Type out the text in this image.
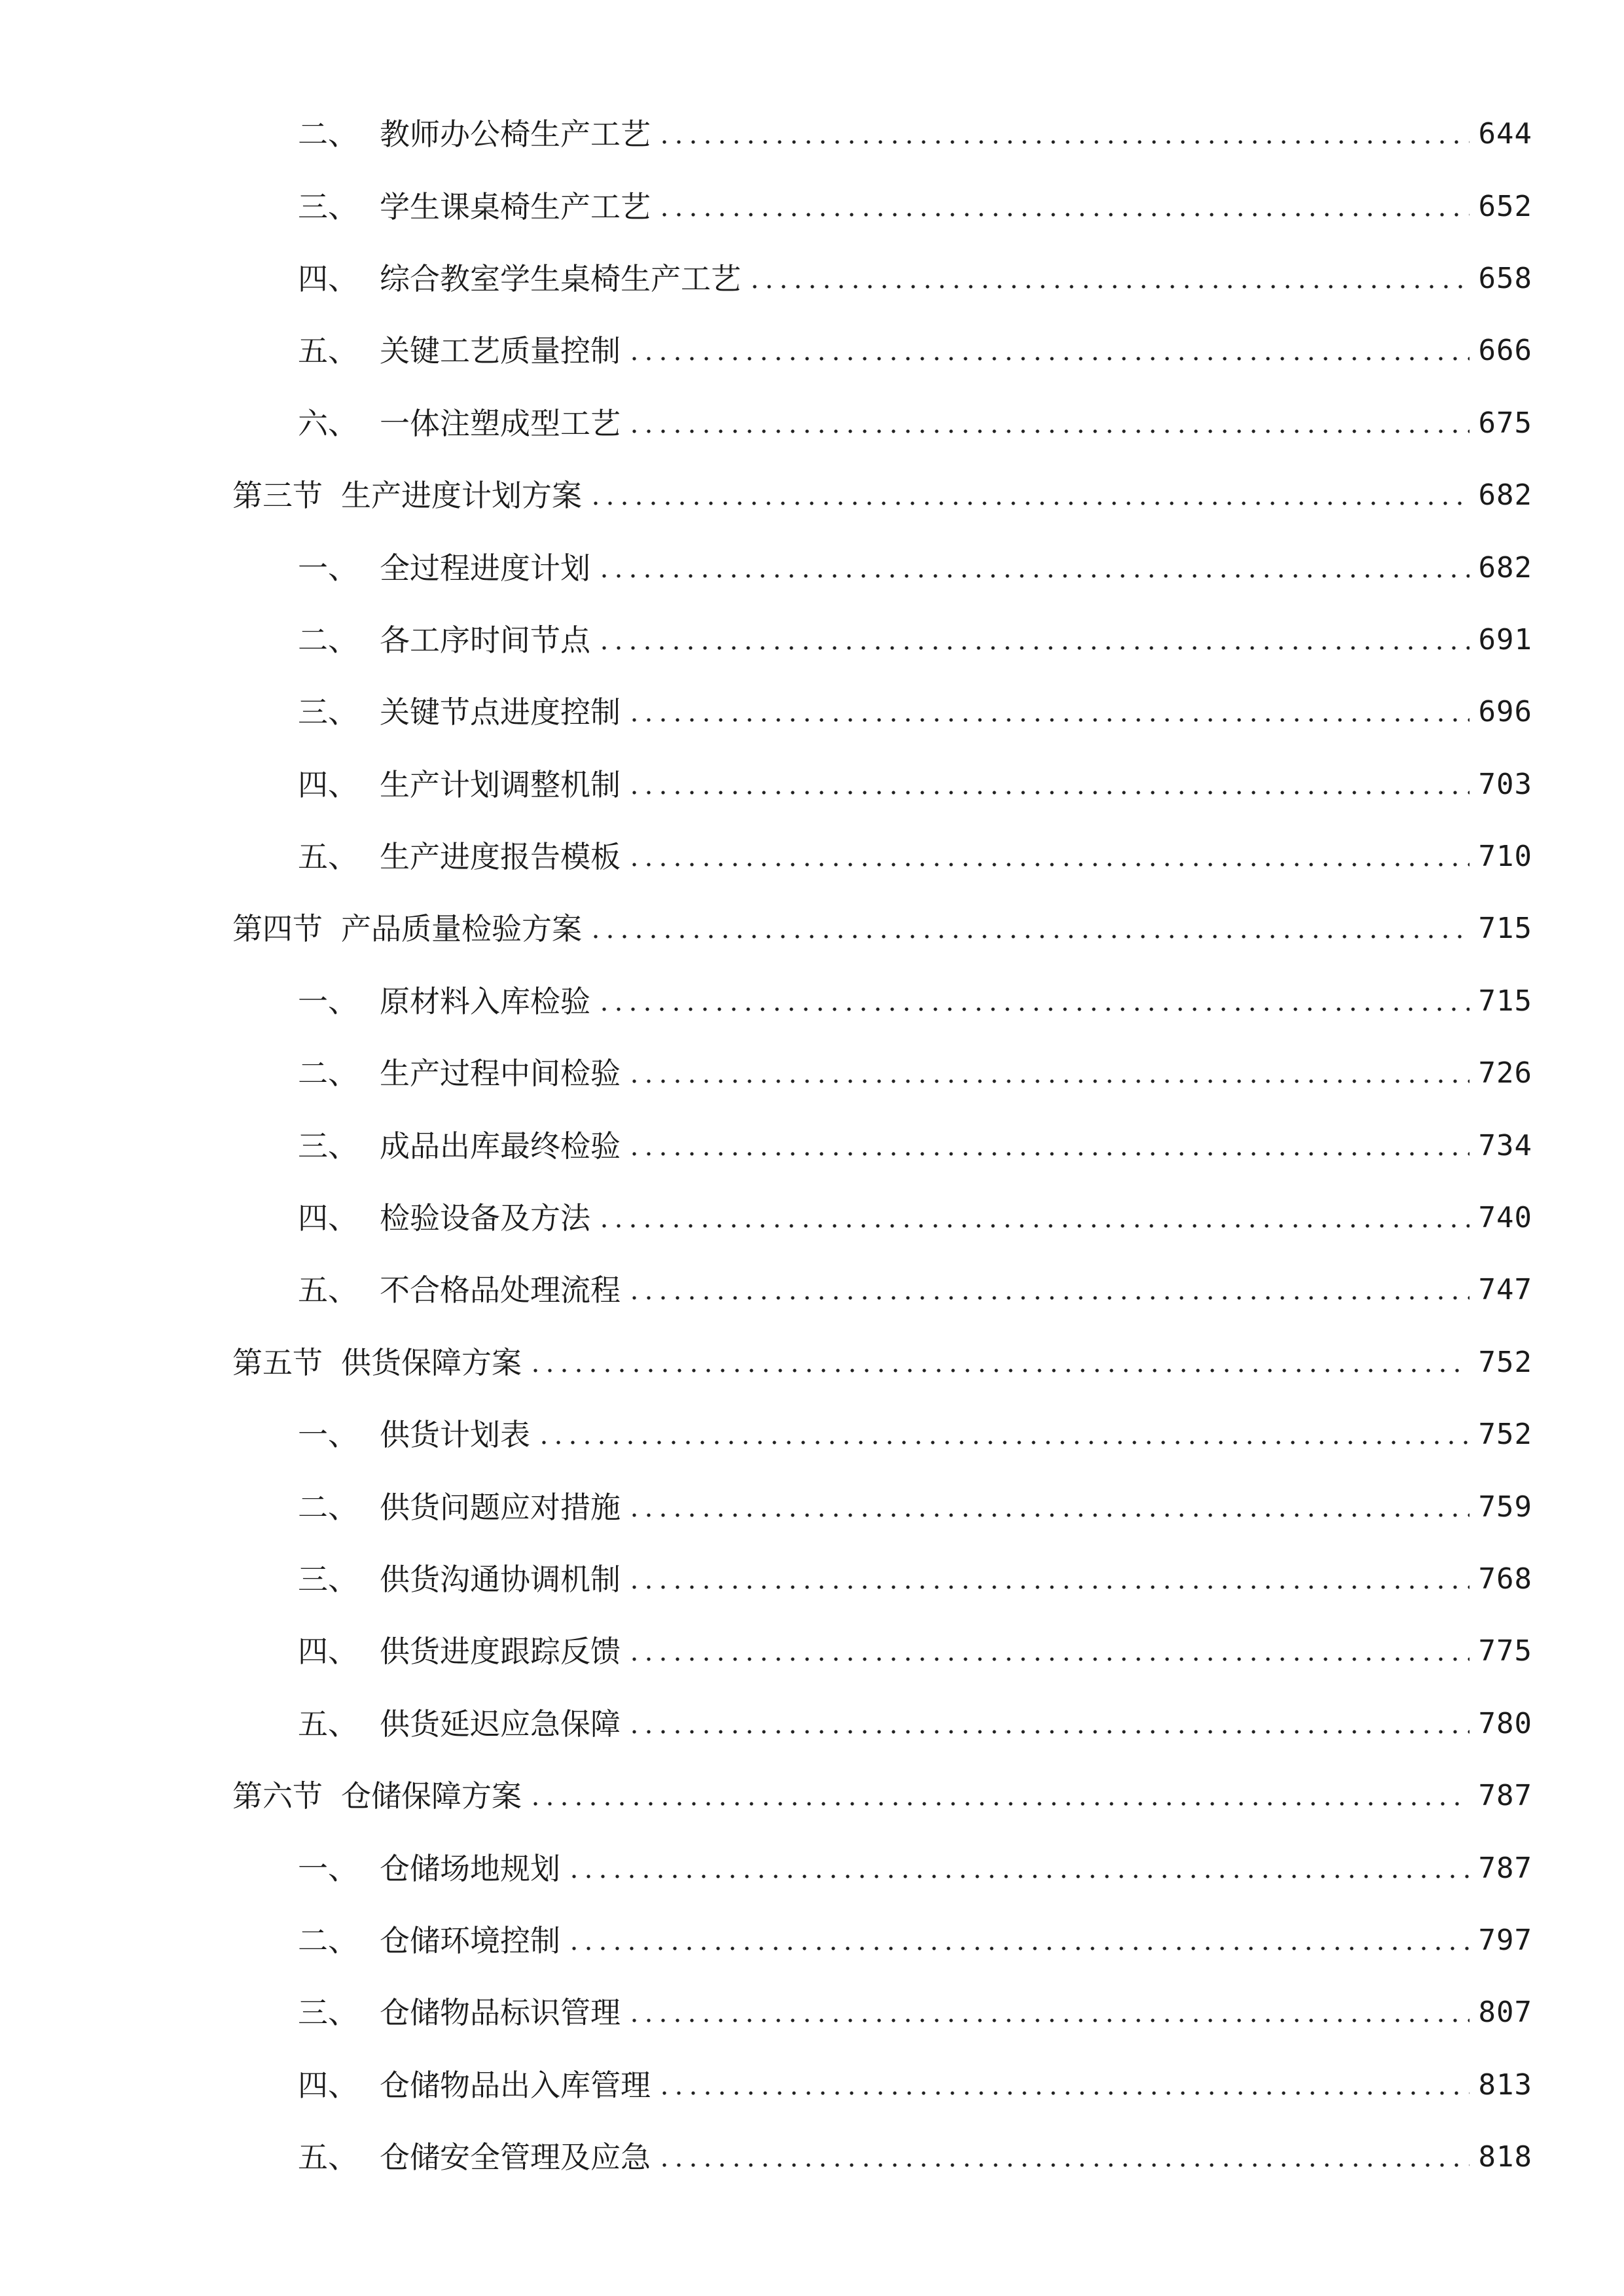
二、 教师办公椅生产工艺	644
三、 学生课桌椅生产工艺	652
四、 综合教室学生桌椅生产工艺	658
五、 关键工艺质量控制	666
六、 一体注塑成型工艺	675
第三节 生产进度计划方案	682
一、 全过程进度计划	682
二、 各工序时间节点	691
三、 关键节点进度控制	696
四、 生产计划调整机制	703
五、 生产进度报告模板	710
第四节 产品质量检验方案	715
一、 原材料入库检验	715
二、 生产过程中间检验	726
三、 成品出库最终检验	734
四、 检验设备及方法	740
五、 不合格品处理流程	747
第五节 供货保障方案	752
一、 供货计划表	752
二、 供货问题应对措施	759
三、 供货沟通协调机制	768
四、 供货进度跟踪反馈	775
五、 供货延迟应急保障	780
第六节 仓储保障方案	787
一、 仓储场地规划	787
二、 仓储环境控制	797
三、 仓储物品标识管理	807
四、 仓储物品出入库管理	813
五、 仓储安全管理及应急	818
